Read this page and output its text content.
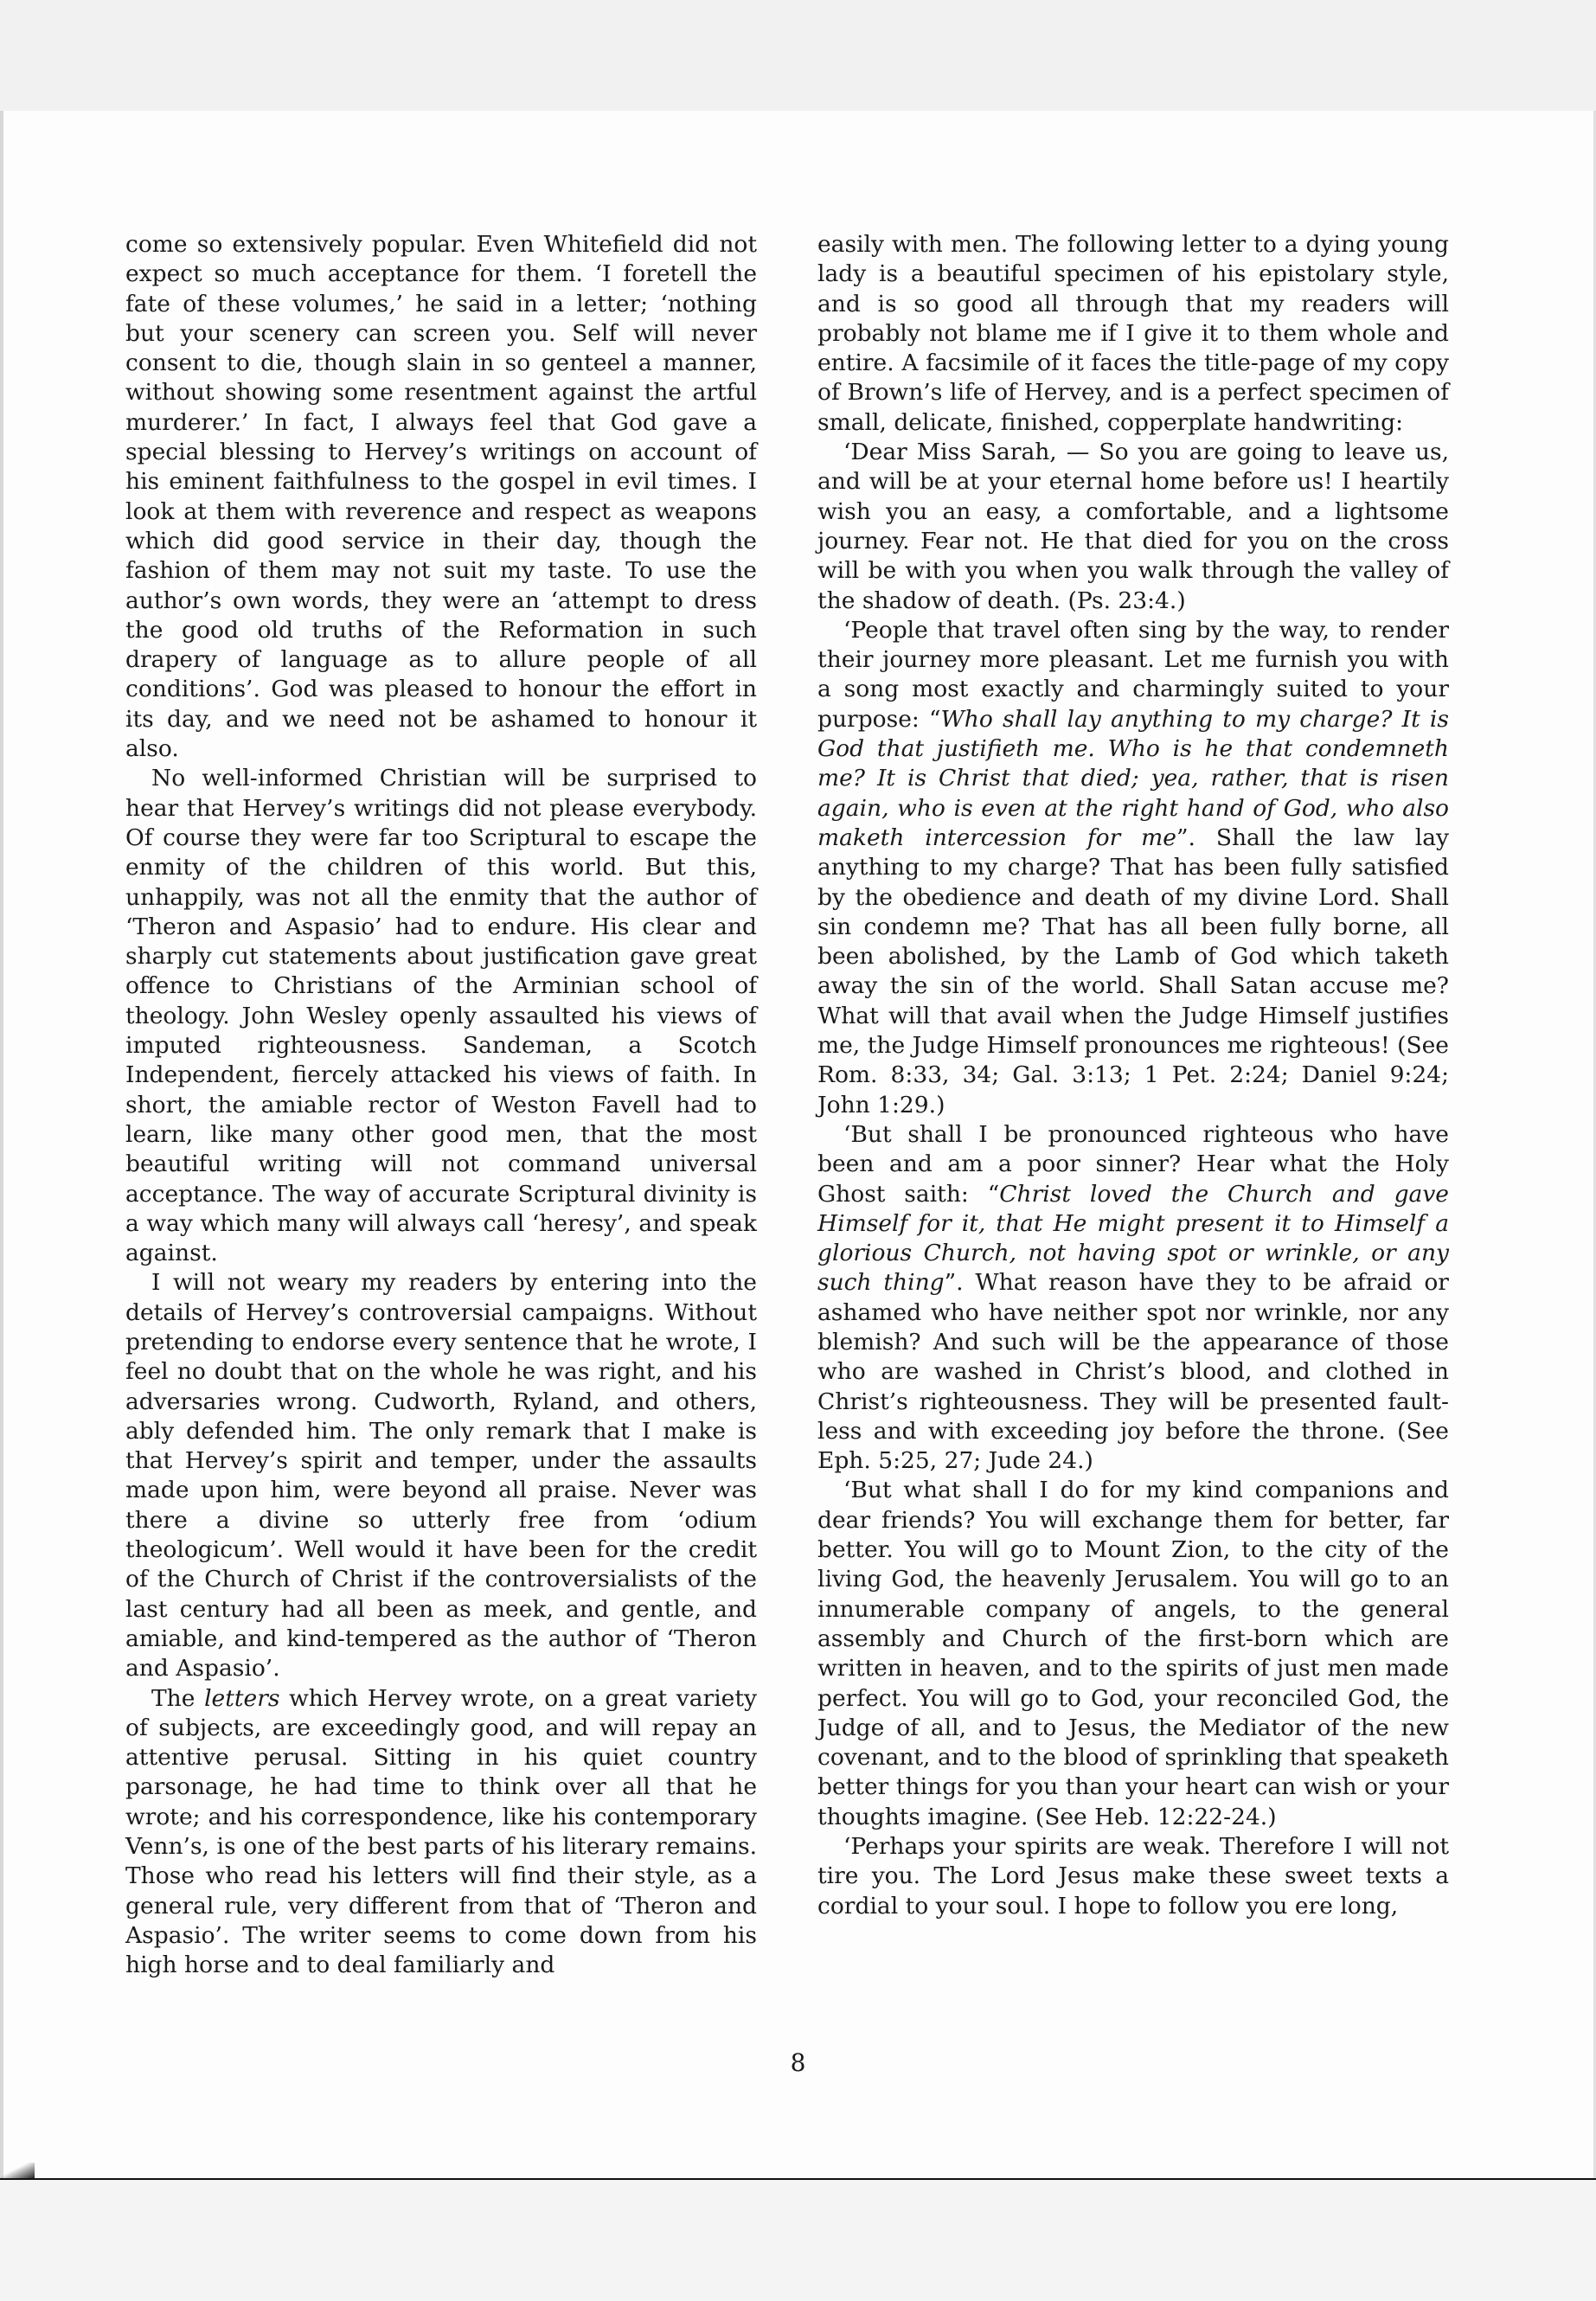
come so extensively popular. Even Whitefield did not expect so much acceptance for them. ‘I foretell the fate of these volumes,’ he said in a letter; ‘nothing but your scenery can screen you. Self will never consent to die, though slain in so genteel a manner, without showing some resentment against the artful murderer.’ In fact, I always feel that God gave a special blessing to Hervey’s writings on account of his eminent faithfulness to the gospel in evil times. I look at them with reverence and respect as weapons which did good service in their day, though the fashion of them may not suit my taste. To use the author’s own words, they were an ‘attempt to dress the good old truths of the Reformation in such drapery of language as to allure people of all conditions’. God was pleased to honour the effort in its day, and we need not be ashamed to honour it also.

No well-informed Christian will be surprised to hear that Hervey’s writings did not please everybody. Of course they were far too Scriptural to escape the enmity of the children of this world. But this, unhappily, was not all the enmity that the author of ‘Theron and Aspasio’ had to endure. His clear and sharply cut statements about justification gave great offence to Christians of the Arminian school of theology. John Wesley openly assaulted his views of imputed righteousness. Sandeman, a Scotch Independent, fiercely attacked his views of faith. In short, the amiable rector of Weston Favell had to learn, like many other good men, that the most beautiful writing will not command universal acceptance. The way of accurate Scriptural divinity is a way which many will always call ‘heresy’, and speak against.

I will not weary my readers by entering into the details of Hervey’s controversial campaigns. Without pretending to endorse every sentence that he wrote, I feel no doubt that on the whole he was right, and his adversaries wrong. Cudworth, Ryland, and others, ably defended him. The only remark that I make is that Hervey’s spirit and temper, under the assaults made upon him, were beyond all praise. Never was there a divine so utterly free from ‘odium theologicum’. Well would it have been for the credit of the Church of Christ if the controversialists of the last century had all been as meek, and gentle, and amiable, and kind-tempered as the author of ‘Theron and Aspasio’.

The letters which Hervey wrote, on a great variety of subjects, are exceedingly good, and will repay an attentive perusal. Sitting in his quiet country parsonage, he had time to think over all that he wrote; and his correspondence, like his contemporary Venn’s, is one of the best parts of his literary remains. Those who read his letters will find their style, as a general rule, very different from that of ‘Theron and Aspasio’. The writer seems to come down from his high horse and to deal familiarly and

easily with men. The following letter to a dying young lady is a beautiful specimen of his epistolary style, and is so good all through that my readers will probably not blame me if I give it to them whole and entire. A facsimile of it faces the title-page of my copy of Brown’s life of Hervey, and is a perfect specimen of small, delicate, finished, copperplate handwriting:

‘Dear Miss Sarah, — So you are going to leave us, and will be at your eternal home before us! I heartily wish you an easy, a comfortable, and a lightsome journey. Fear not. He that died for you on the cross will be with you when you walk through the valley of the shadow of death. (Ps. 23:4.)

‘People that travel often sing by the way, to render their journey more pleasant. Let me furnish you with a song most exactly and charmingly suited to your purpose: “Who shall lay anything to my charge? It is God that justifieth me. Who is he that condemneth me? It is Christ that died; yea, rather, that is risen again, who is even at the right hand of God, who also maketh intercession for me”. Shall the law lay anything to my charge? That has been fully satisfied by the obedience and death of my divine Lord. Shall sin condemn me? That has all been fully borne, all been abolished, by the Lamb of God which taketh away the sin of the world. Shall Satan accuse me? What will that avail when the Judge Himself justifies me, the Judge Himself pronounces me righteous! (See Rom. 8:33, 34; Gal. 3:13; 1 Pet. 2:24; Daniel 9:24; John 1:29.)

‘But shall I be pronounced righteous who have been and am a poor sinner? Hear what the Holy Ghost saith: “Christ loved the Church and gave Himself for it, that He might present it to Himself a glorious Church, not having spot or wrinkle, or any such thing”. What reason have they to be afraid or ashamed who have neither spot nor wrinkle, nor any blemish? And such will be the appearance of those who are washed in Christ’s blood, and clothed in Christ’s righteousness. They will be presented faultless and with exceeding joy before the throne. (See Eph. 5:25, 27; Jude 24.)

‘But what shall I do for my kind companions and dear friends? You will exchange them for better, far better. You will go to Mount Zion, to the city of the living God, the heavenly Jerusalem. You will go to an innumerable company of angels, to the general assembly and Church of the first-born which are written in heaven, and to the spirits of just men made perfect. You will go to God, your reconciled God, the Judge of all, and to Jesus, the Mediator of the new covenant, and to the blood of sprinkling that speaketh better things for you than your heart can wish or your thoughts imagine. (See Heb. 12:22-24.)

‘Perhaps your spirits are weak. Therefore I will not tire you. The Lord Jesus make these sweet texts a cordial to your soul. I hope to follow you ere long,

8
